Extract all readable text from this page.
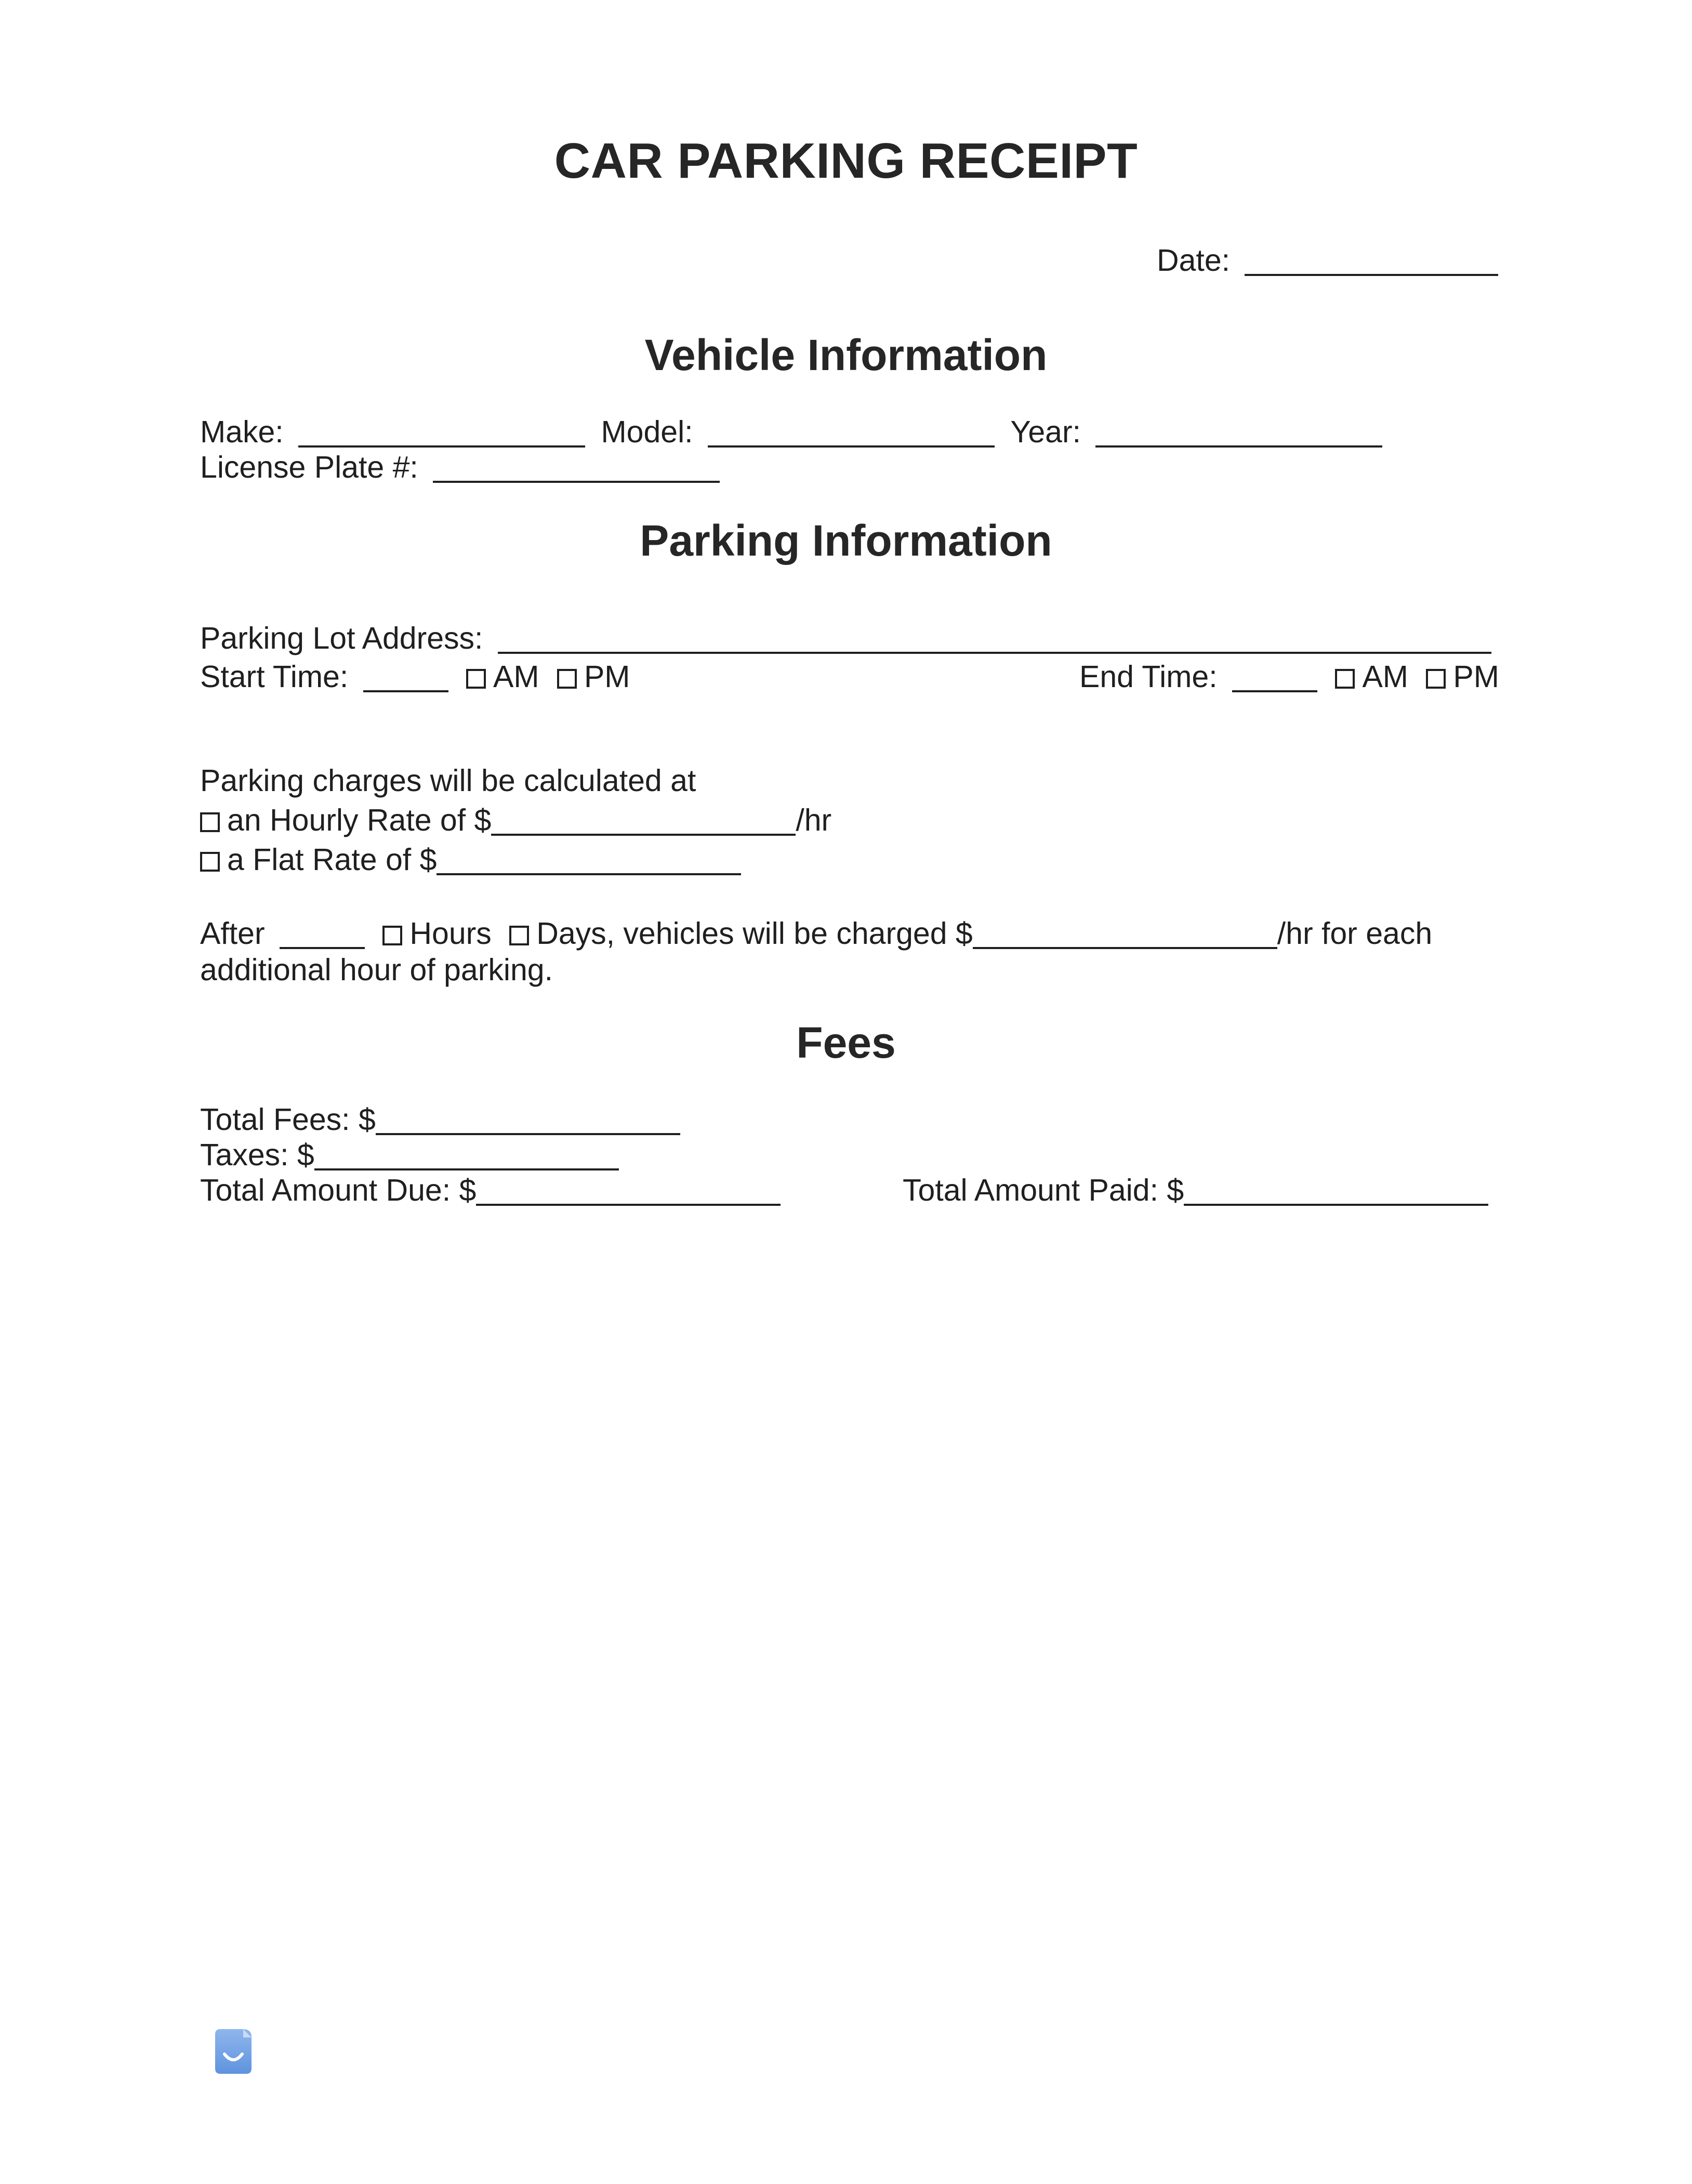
CAR PARKING RECEIPT
Date:
Vehicle Information
Make:	Model:	Year:
License Plate #:
Parking Information
Parking Lot Address:
Start Time:	AM PM	End Time:	AM PM
Parking charges will be calculated at
an Hourly Rate of $	/hr
a Flat Rate of $
After	Hours Days, vehicles will be charged $	/hr for each
additional hour of parking.
Fees
Total Fees: $
Taxes: $
Total Amount Due: $	Total Amount Paid: $
